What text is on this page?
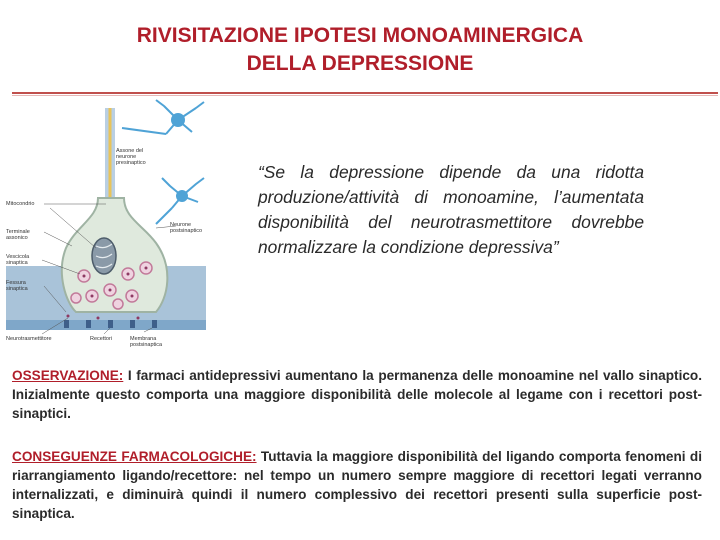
RIVISITAZIONE IPOTESI MONOAMINERGICA
DELLA DEPRESSIONE
Assone del neurone presinaptico
Mitocondrio
Terminale assonico
Vescicola sinaptica
Neurone postsinaptico
Fessura sinaptica
Neurotrasmettitore	Recettori	Membrana postsinaptica
“Se la depressione dipende da una ridotta produzione/attività di monoamine, l’aumentata disponibilità del neurotrasmettitore dovrebbe normalizzare la condizione depressiva”
OSSERVAZIONE: I farmaci antidepressivi aumentano la permanenza delle monoamine nel vallo sinaptico. Inizialmente questo comporta una maggiore disponibilità delle molecole al legame con i recettori post-sinaptici.
CONSEGUENZE FARMACOLOGICHE: Tuttavia la maggiore disponibilità del ligando comporta fenomeni di riarrangiamento ligando/recettore: nel tempo un numero sempre maggiore di recettori legati verranno internalizzati, e diminuirà quindi il numero complessivo dei recettori presenti sulla superficie post-sinaptica.
